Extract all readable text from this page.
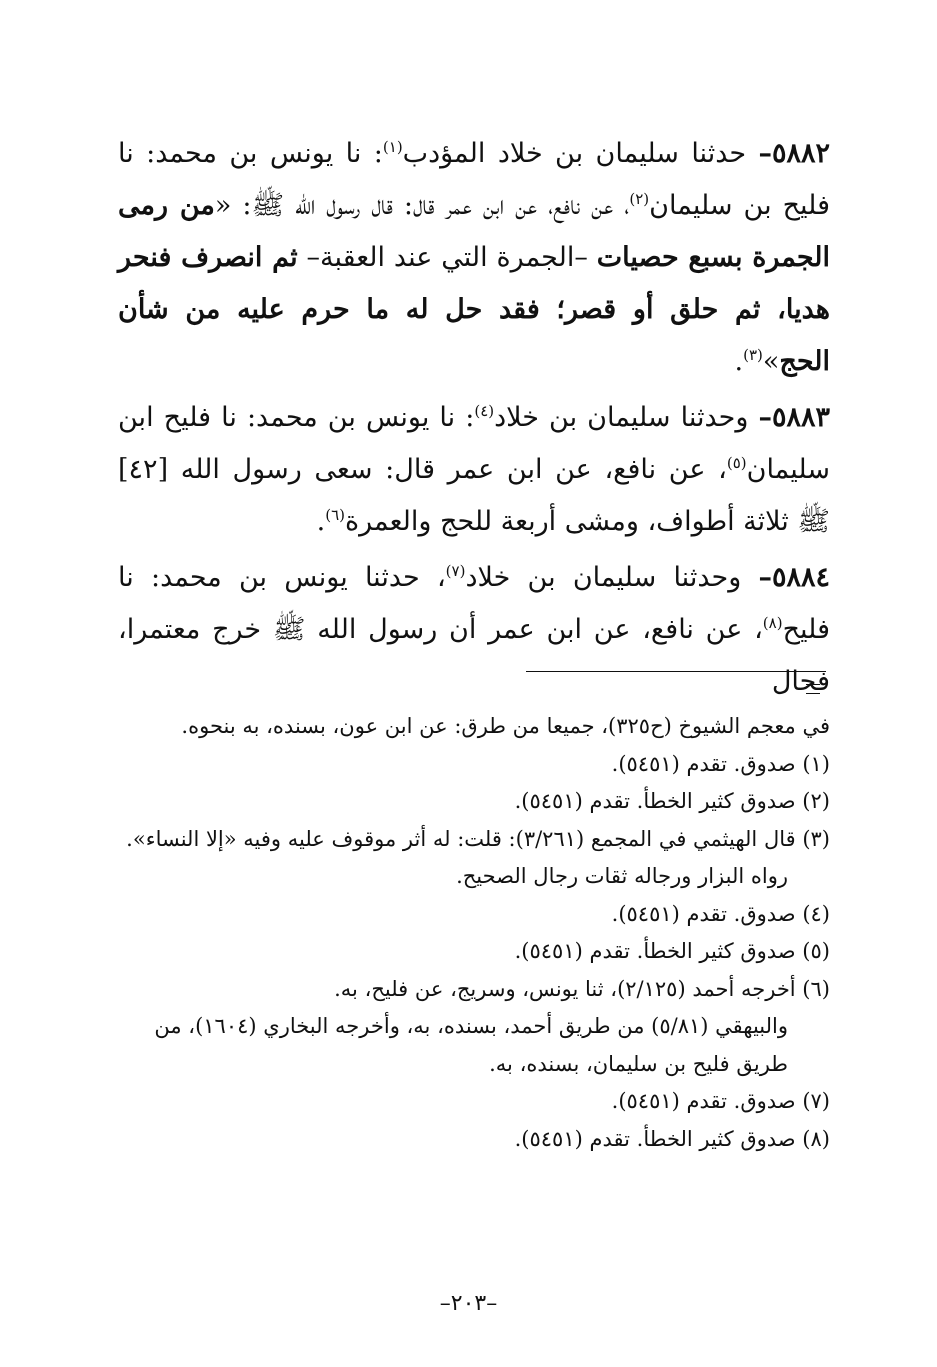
٥٨٨٢– حدثنا سليمان بن خلاد المؤدب$^{(١)}$: نا يونس بن محمد: نا فليح بن سليمان$^{(٢)}$، عن نافع، عن ابن عمر قال: قال رسول الله ﷺ: «من رمى الجمرة بسبع حصيات –الجمرة التي عند العقبة– ثم انصرف فنحر هديا، ثم حلق أو قصر؛ فقد حل له ما حرم عليه من شأن الحج»$^{(٣)}$.

٥٨٨٣– وحدثنا سليمان بن خلاد$^{(٤)}$: نا يونس بن محمد: نا فليح ابن سليمان$^{(٥)}$، عن نافع، عن ابن عمر قال: سعى رسول الله [٤٢] ﷺ ثلاثة أطواف، ومشى أربعة للحج والعمرة$^{(٦)}$.

٥٨٨٤– وحدثنا سليمان بن خلاد$^{(٧)}$، حدثنا يونس بن محمد: نا فليح$^{(٨)}$، عن نافع، عن ابن عمر أن رسول الله ﷺ خرج معتمرا، فحال

في معجم الشيوخ (ح٣٢٥)، جميعا من طرق: عن ابن عون، بسنده، به بنحوه.

(١) صدوق. تقدم (٥٤٥١).

(٢) صدوق كثير الخطأ. تقدم (٥٤٥١).

(٣) قال الهيثمي في المجمع (٣/٢٦١): قلت: له أثر موقوف عليه وفيه «إلا النساء». رواه البزار ورجاله ثقات رجال الصحيح.

(٤) صدوق. تقدم (٥٤٥١).

(٥) صدوق كثير الخطأ. تقدم (٥٤٥١).

(٦) أخرجه أحمد (٢/١٢٥)، ثنا يونس، وسريج، عن فليح، به.

والبيهقي (٥/٨١) من طريق أحمد، بسنده، به، وأخرجه البخاري (١٦٠٤)، من طريق فليح بن سليمان، بسنده، به.

(٧) صدوق. تقدم (٥٤٥١).

(٨) صدوق كثير الخطأ. تقدم (٥٤٥١).

–٢٠٣–
